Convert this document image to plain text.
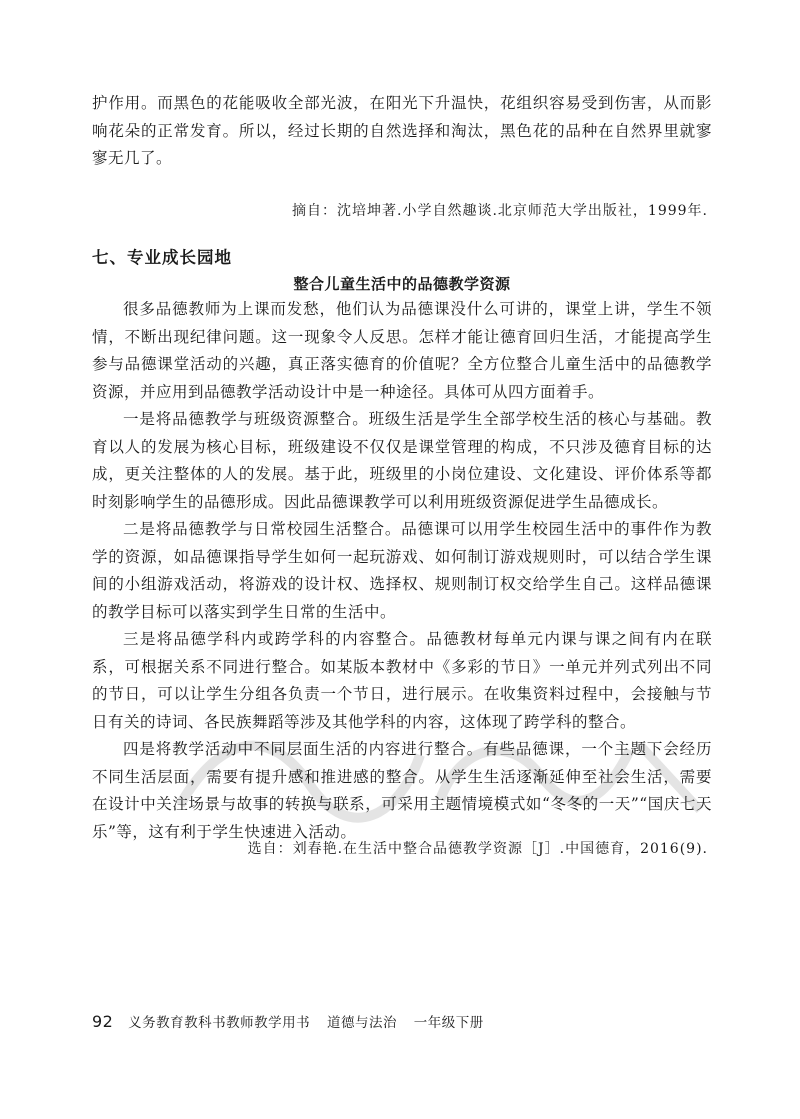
护作用。而黑色的花能吸收全部光波，在阳光下升温快，花组织容易受到伤害，从而影响花朵的正常发育。所以，经过长期的自然选择和淘汰，黑色花的品种在自然界里就寥寥无几了。

摘自：沈培坤著.小学自然趣谈.北京师范大学出版社，1999年.
七、专业成长园地
整合儿童生活中的品德教学资源

很多品德教师为上课而发愁，他们认为品德课没什么可讲的，课堂上讲，学生不领情，不断出现纪律问题。这一现象令人反思。怎样才能让德育回归生活，才能提高学生参与品德课堂活动的兴趣，真正落实德育的价值呢？全方位整合儿童生活中的品德教学资源，并应用到品德教学活动设计中是一种途径。具体可从四方面着手。

一是将品德教学与班级资源整合。班级生活是学生全部学校生活的核心与基础。教育以人的发展为核心目标，班级建设不仅仅是课堂管理的构成，不只涉及德育目标的达成，更关注整体的人的发展。基于此，班级里的小岗位建设、文化建设、评价体系等都时刻影响学生的品德形成。因此品德课教学可以利用班级资源促进学生品德成长。

二是将品德教学与日常校园生活整合。品德课可以用学生校园生活中的事件作为教学的资源，如品德课指导学生如何一起玩游戏、如何制订游戏规则时，可以结合学生课间的小组游戏活动，将游戏的设计权、选择权、规则制订权交给学生自己。这样品德课的教学目标可以落实到学生日常的生活中。

三是将品德学科内或跨学科的内容整合。品德教材每单元内课与课之间有内在联系，可根据关系不同进行整合。如某版本教材中《多彩的节日》一单元并列式列出不同的节日，可以让学生分组各负责一个节日，进行展示。在收集资料过程中，会接触与节日有关的诗词、各民族舞蹈等涉及其他学科的内容，这体现了跨学科的整合。

四是将教学活动中不同层面生活的内容进行整合。有些品德课，一个主题下会经历不同生活层面，需要有提升感和推进感的整合。从学生生活逐渐延伸至社会生活，需要在设计中关注场景与故事的转换与联系，可采用主题情境模式如“冬冬的一天”“国庆七天乐”等，这有利于学生快速进入活动。

选自：刘春艳.在生活中整合品德教学资源［J］.中国德育，2016(9).
92 义务教育教科书教师教学用书 道德与法治 一年级下册
